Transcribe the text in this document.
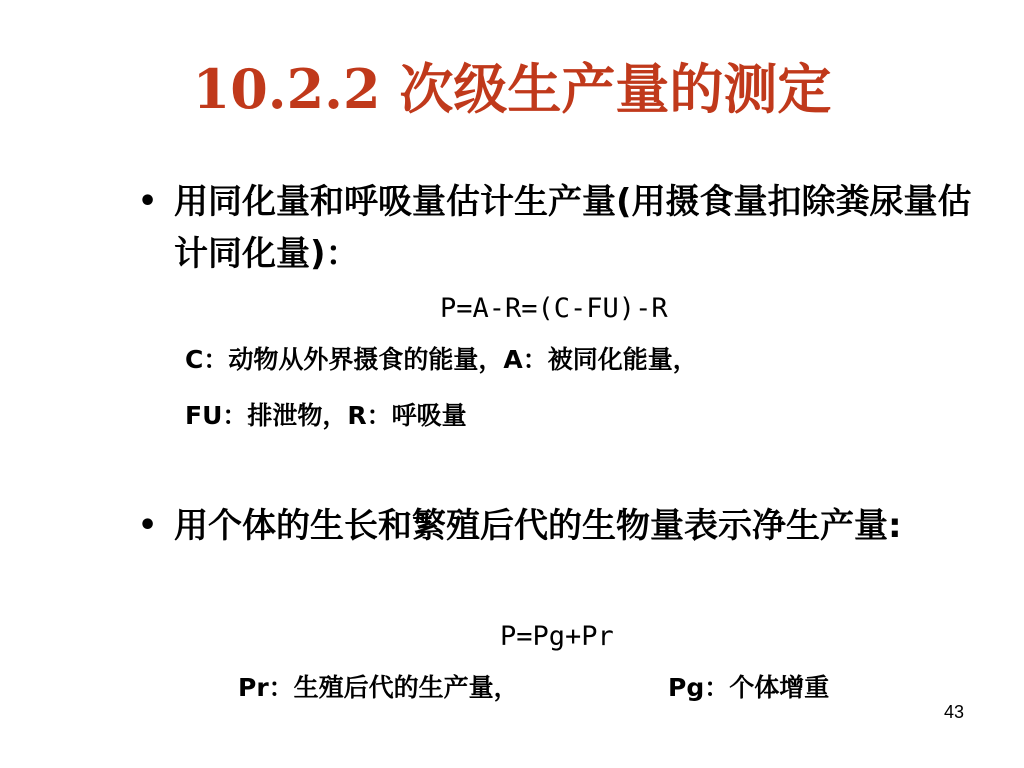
10.2.2 次级生产量的测定
• 用同化量和呼吸量估计生产量(用摄食量扣除粪尿量估计同化量)：
P=A-R=(C-FU)-R
C：动物从外界摄食的能量，A：被同化能量，
FU：排泄物，R：呼吸量
• 用个体的生长和繁殖后代的生物量表示净生产量:
P=Pg+Pr
Pr：生殖后代的生产量，	Pg：个体增重
43
